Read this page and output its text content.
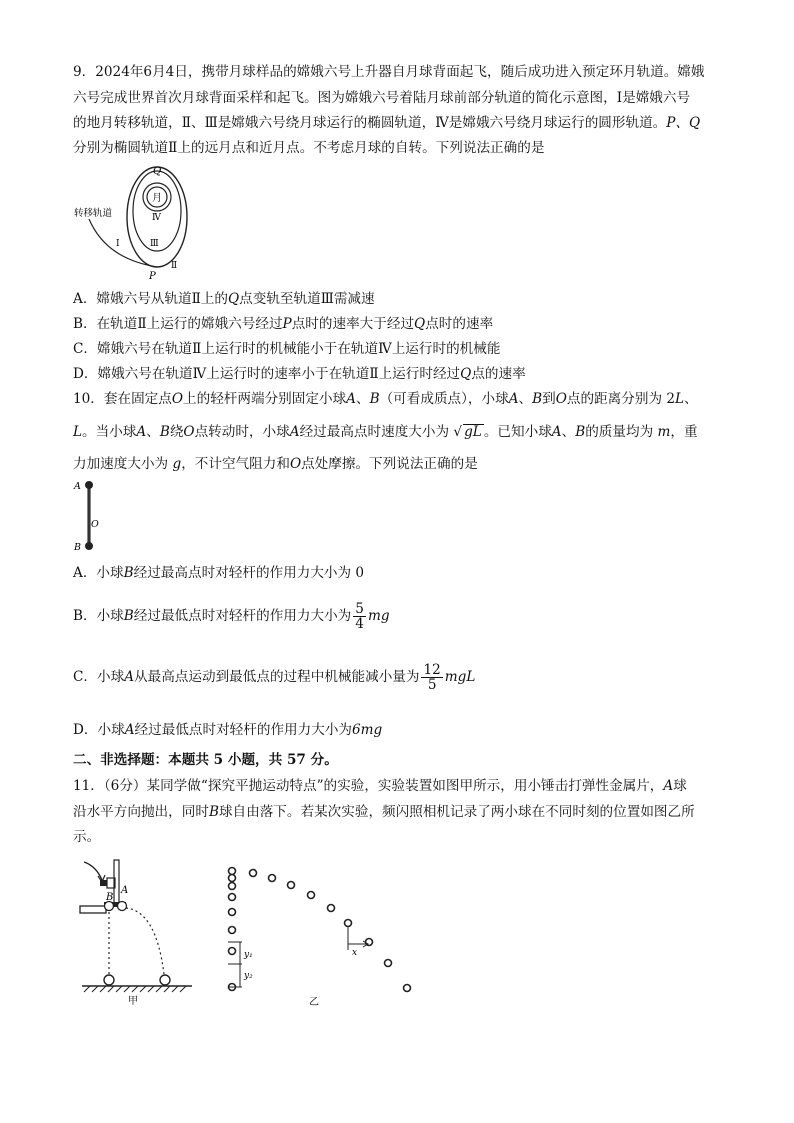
9．2024年6月4日，携带月球样品的嫦娥六号上升器自月球背面起飞，随后成功进入预定环月轨道。嫦娥
六号完成世界首次月球背面采样和起飞。图为嫦娥六号着陆月球前部分轨道的简化示意图，Ⅰ是嫦娥六号
的地月转移轨道，Ⅱ、Ⅲ是嫦娥六号绕月球运行的椭圆轨道，Ⅳ是嫦娥六号绕月球运行的圆形轨道。P、Q
分别为椭圆轨道Ⅱ上的远月点和近月点。不考虑月球的自转。下列说法正确的是
月
Q
P
转移轨道
Ⅰ
Ⅱ
Ⅲ
Ⅳ
A．嫦娥六号从轨道Ⅱ上的Q点变轨至轨道Ⅲ需减速
B．在轨道Ⅱ上运行的嫦娥六号经过P点时的速率大于经过Q点时的速率
C．嫦娥六号在轨道Ⅱ上运行时的机械能小于在轨道Ⅳ上运行时的机械能
D．嫦娥六号在轨道Ⅳ上运行时的速率小于在轨道Ⅱ上运行时经过Q点的速率
10．套在固定点O上的轻杆两端分别固定小球A、B（可看成质点），小球A、B到O点的距离分别为 2L、
L。当小球A、B绕O点转动时，小球A经过最高点时速度大小为 √ gL 。已知小球A、B的质量均为 m，重
力加速度大小为 g，不计空气阻力和O点处摩擦。下列说法正确的是
A
O
B
A．小球B经过最高点时对轻杆的作用力大小为 0
B．小球B经过最低点时对轻杆的作用力大小为 $\frac{5}{4}$ mg
C．小球A从最高点运动到最低点的过程中机械能减小量为 $\frac{12}{5}$ mgL
D．小球A经过最低点时对轻杆的作用力大小为6mg
二、非选择题：本题共 5 小题，共 57 分。
11．（6分）某同学做“探究平抛运动特点”的实验，实验装置如图甲所示，用小锤击打弹性金属片，A球
沿水平方向抛出，同时B球自由落下。若某次实验，频闪照相机记录了两小球在不同时刻的位置如图乙所
示。
B
A
甲
y₁
y₂
x
乙
